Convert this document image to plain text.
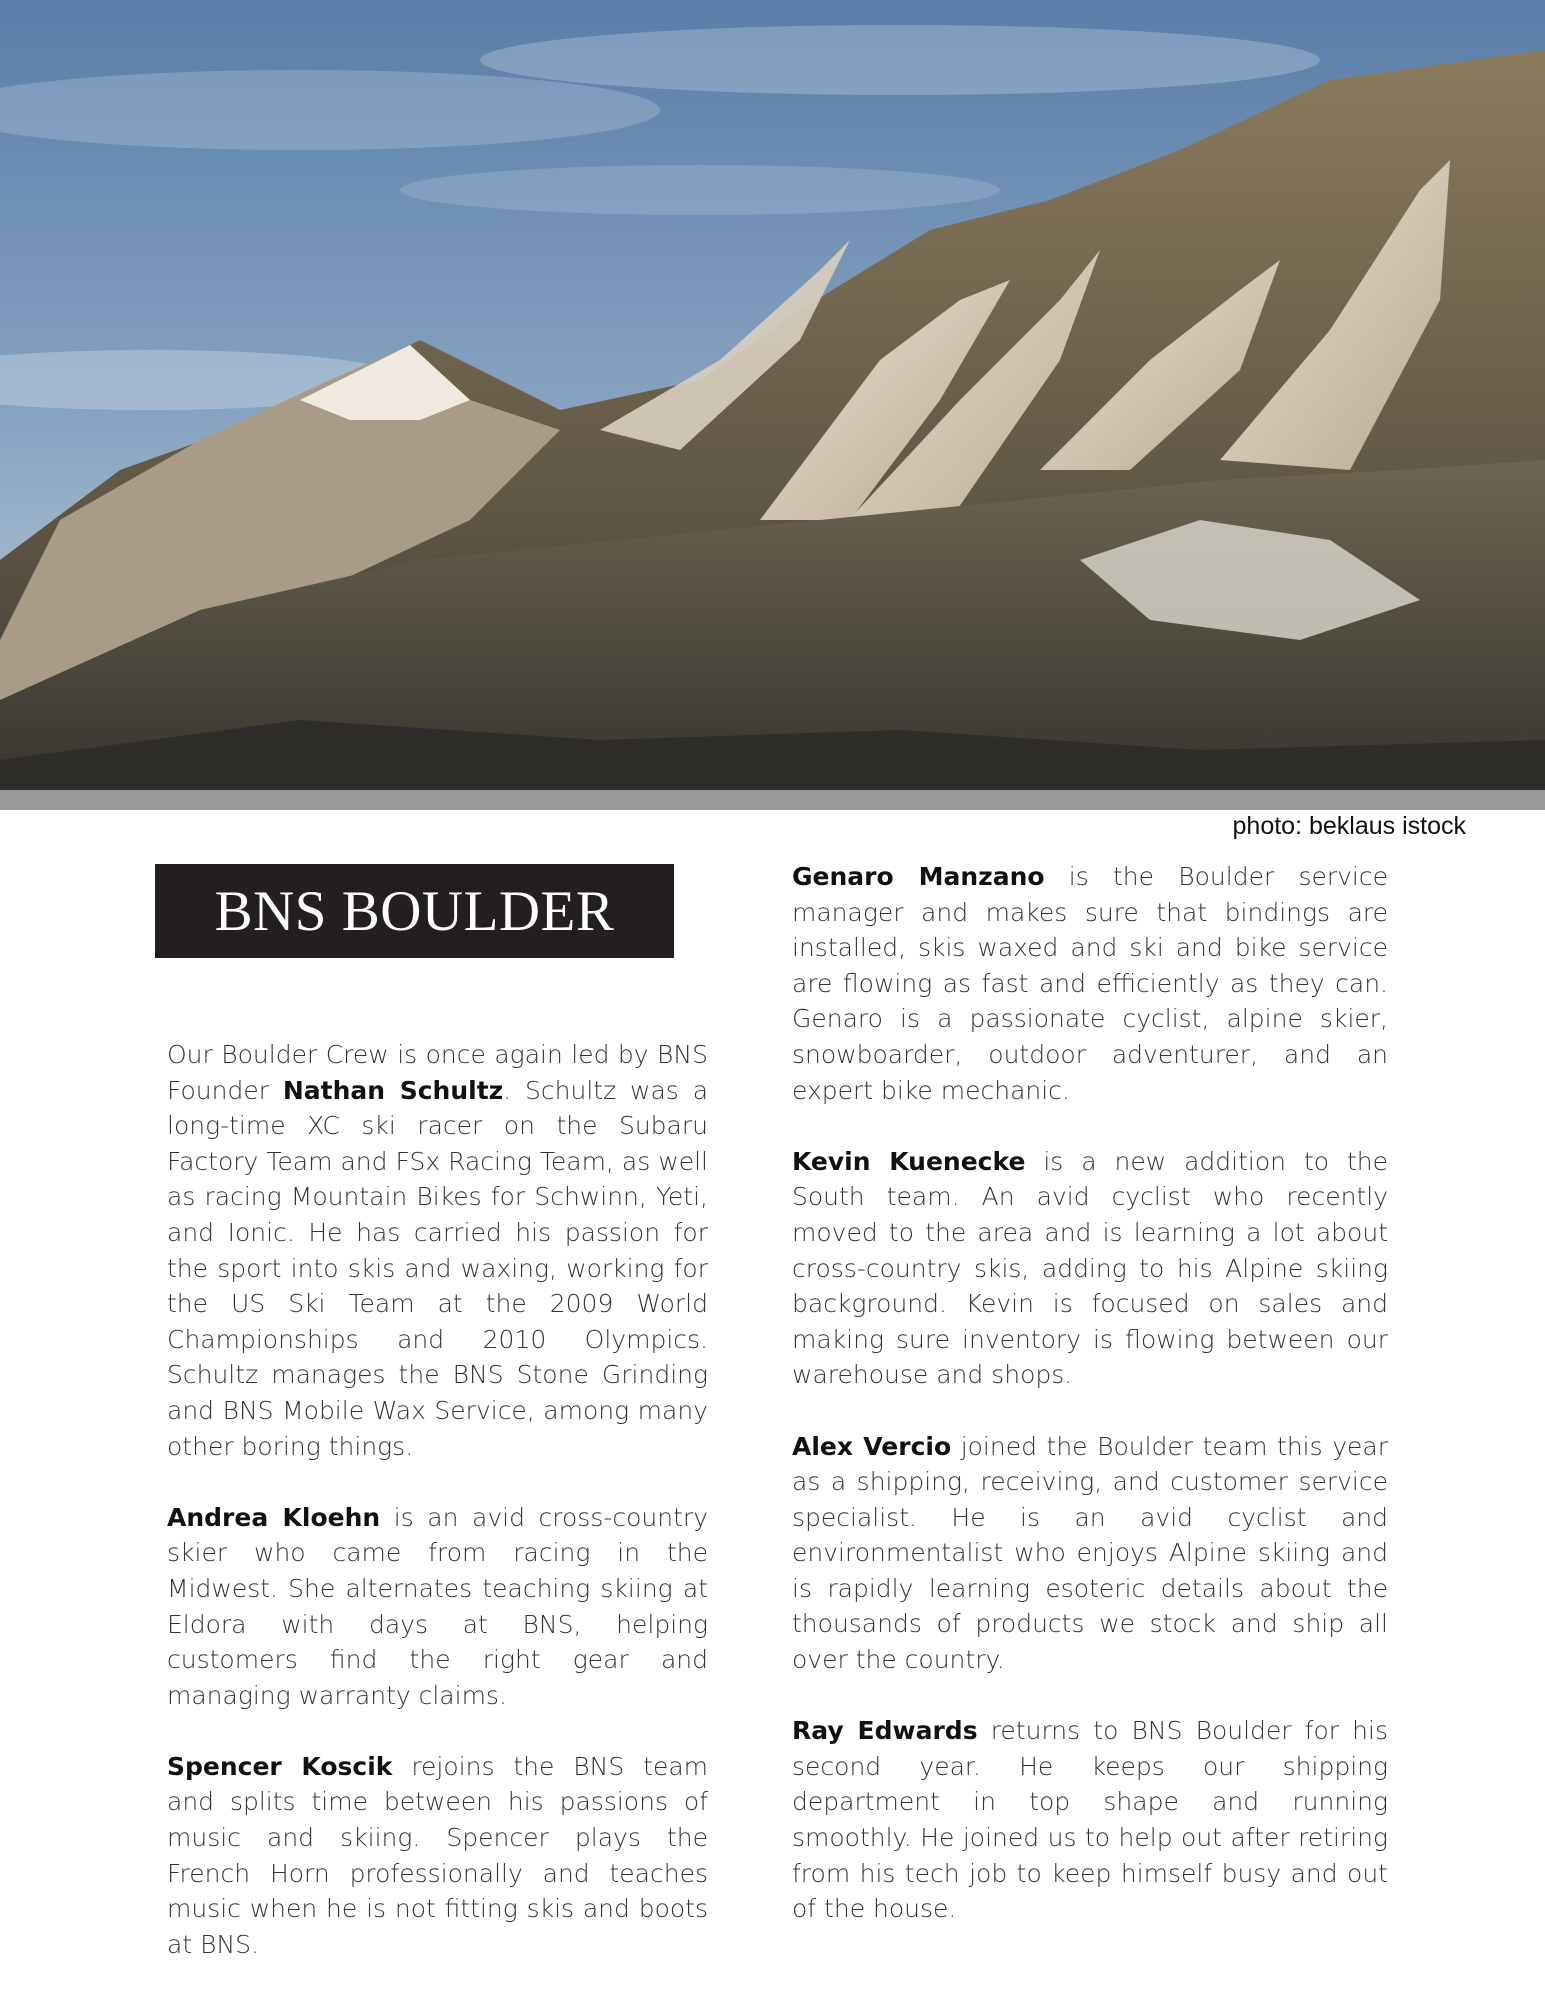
photo: beklaus istock
BNS BOULDER

Our Boulder Crew is once again led by BNS Founder Nathan Schultz. Schultz was a long-time XC ski racer on the Subaru Factory Team and FSx Racing Team, as well as racing Mountain Bikes for Schwinn, Yeti, and Ionic. He has carried his passion for the sport into skis and waxing, working for the US Ski Team at the 2009 World Championships and 2010 Olympics. Schultz manages the BNS Stone Grinding and BNS Mobile Wax Service, among many other boring things.

Andrea Kloehn is an avid cross-country skier who came from racing in the Midwest. She alternates teaching skiing at Eldora with days at BNS, helping customers find the right gear and managing warranty claims.

Spencer Koscik rejoins the BNS team and splits time between his passions of music and skiing. Spencer plays the French Horn professionally and teaches music when he is not fitting skis and boots at BNS.

Genaro Manzano is the Boulder service manager and makes sure that bindings are installed, skis waxed and ski and bike service are flowing as fast and efficiently as they can. Genaro is a passionate cyclist, alpine skier, snowboarder, outdoor adventurer, and an expert bike mechanic.

Kevin Kuenecke is a new addition to the South team. An avid cyclist who recently moved to the area and is learning a lot about cross-country skis, adding to his Alpine skiing background. Kevin is focused on sales and making sure inventory is flowing between our warehouse and shops.

Alex Vercio joined the Boulder team this year as a shipping, receiving, and customer service specialist. He is an avid cyclist and environmentalist who enjoys Alpine skiing and is rapidly learning esoteric details about the thousands of products we stock and ship all over the country.

Ray Edwards returns to BNS Boulder for his second year. He keeps our shipping department in top shape and running smoothly. He joined us to help out after retiring from his tech job to keep himself busy and out of the house.
